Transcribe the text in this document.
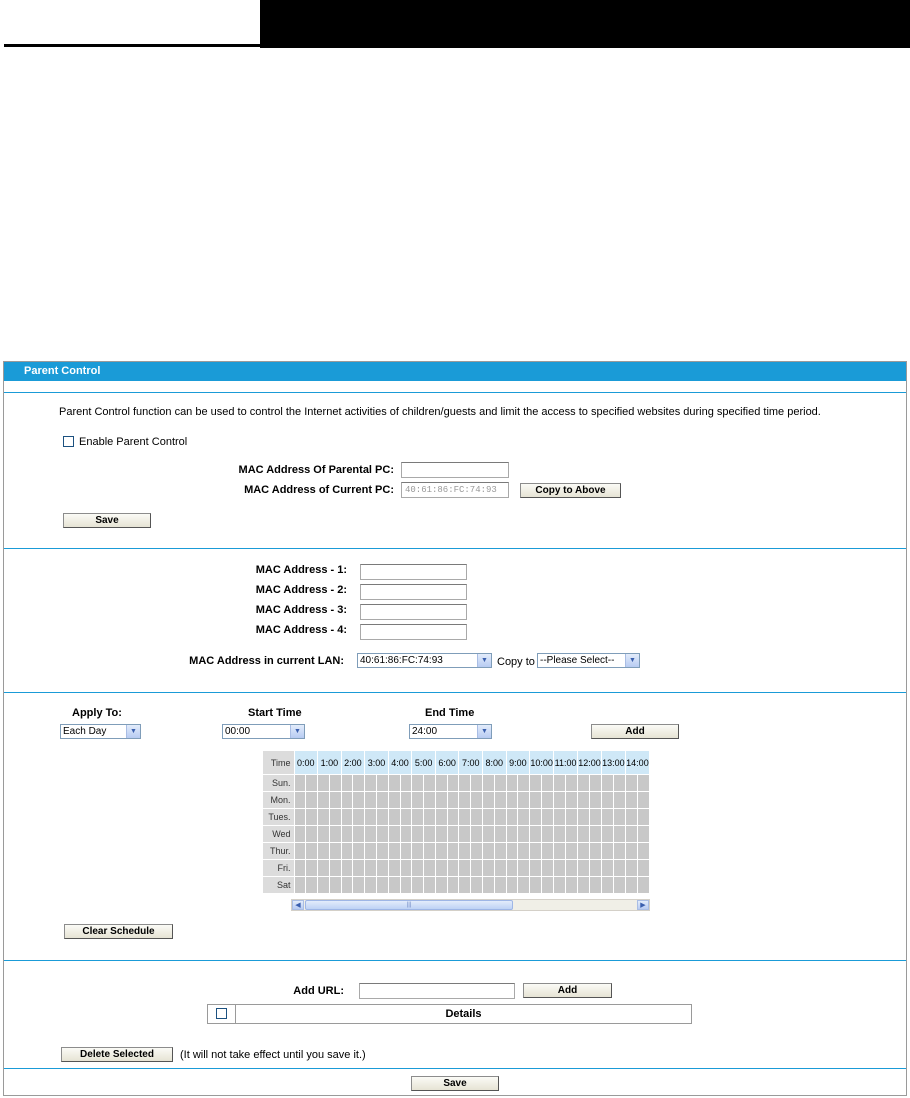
Parent Control
Parent Control function can be used to control the Internet activities of children/guests and limit the access to specified websites during specified time period.
Enable Parent Control
MAC Address Of Parental PC:
MAC Address of Current PC:	40:61:86:FC:74:93	Copy to Above
Save
MAC Address - 1:
MAC Address - 2:
MAC Address - 3:
MAC Address - 4:
MAC Address in current LAN:	40:61:86:FC:74:93	▼ Copy to --Please Select--	▼
Apply To:	Start Time	End Time
Each Day	▼	00:00	▼	24:00	▼	Add
Time	0:00		1:00		2:00		3:00		4:00		5:00		6:00		7:00		8:00		9:00		10:00		11:00		12:00		13:00		14:00	
Sun.																														
Mon.																														
Tues.																														
Wed																														
Thur.																														
Fri.																														
Sat																														
◀	|||	▶
Clear Schedule
Add URL:	Add
Details
Delete Selected	(It will not take effect until you save it.)
Save
